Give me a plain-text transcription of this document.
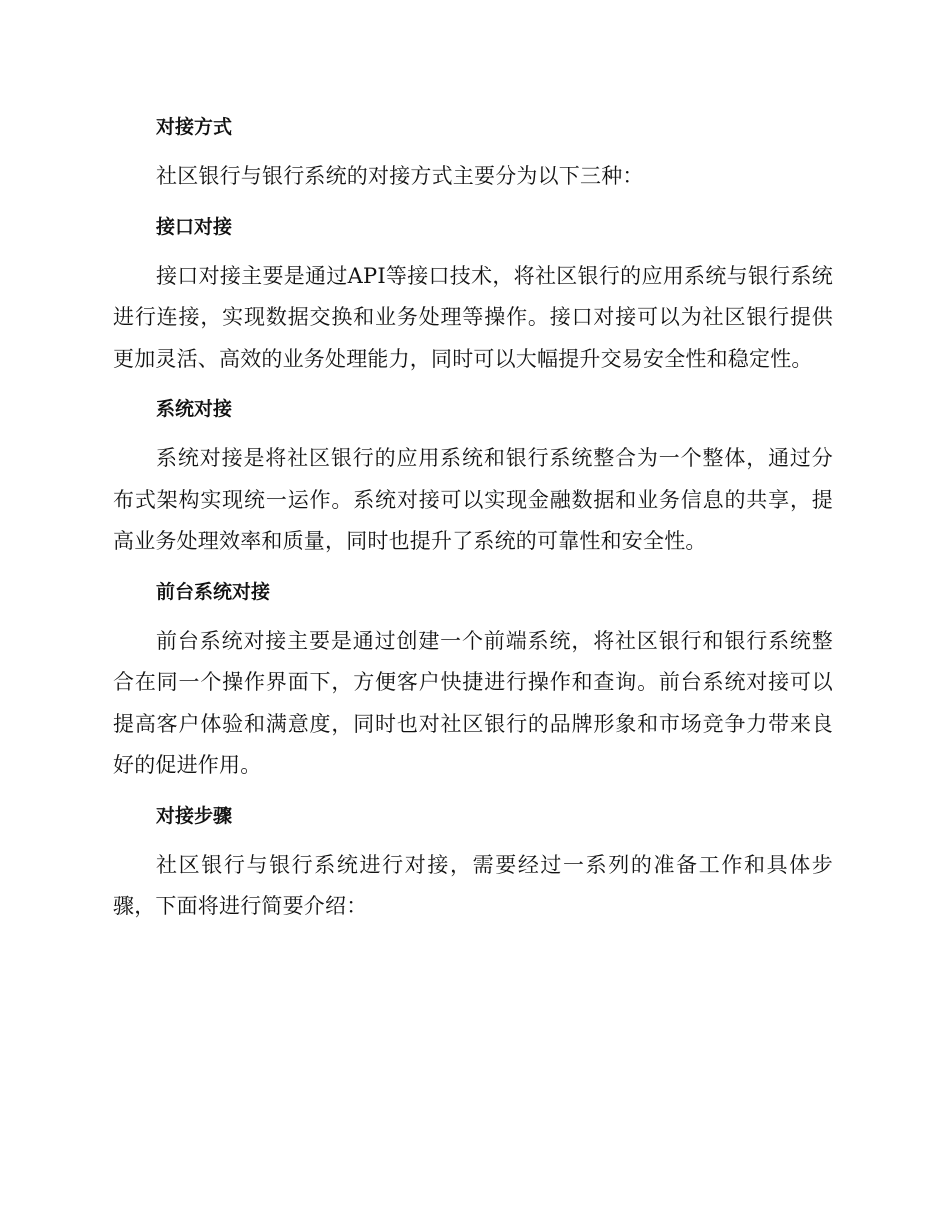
对接方式

社区银行与银行系统的对接方式主要分为以下三种：

接口对接

接口对接主要是通过API等接口技术，将社区银行的应用系统与银行系统进行连接，实现数据交换和业务处理等操作。接口对接可以为社区银行提供更加灵活、高效的业务处理能力，同时可以大幅提升交易安全性和稳定性。

系统对接

系统对接是将社区银行的应用系统和银行系统整合为一个整体，通过分布式架构实现统一运作。系统对接可以实现金融数据和业务信息的共享，提高业务处理效率和质量，同时也提升了系统的可靠性和安全性。

前台系统对接

前台系统对接主要是通过创建一个前端系统，将社区银行和银行系统整合在同一个操作界面下，方便客户快捷进行操作和查询。前台系统对接可以提高客户体验和满意度，同时也对社区银行的品牌形象和市场竞争力带来良好的促进作用。

对接步骤

社区银行与银行系统进行对接，需要经过一系列的准备工作和具体步骤，下面将进行简要介绍：
